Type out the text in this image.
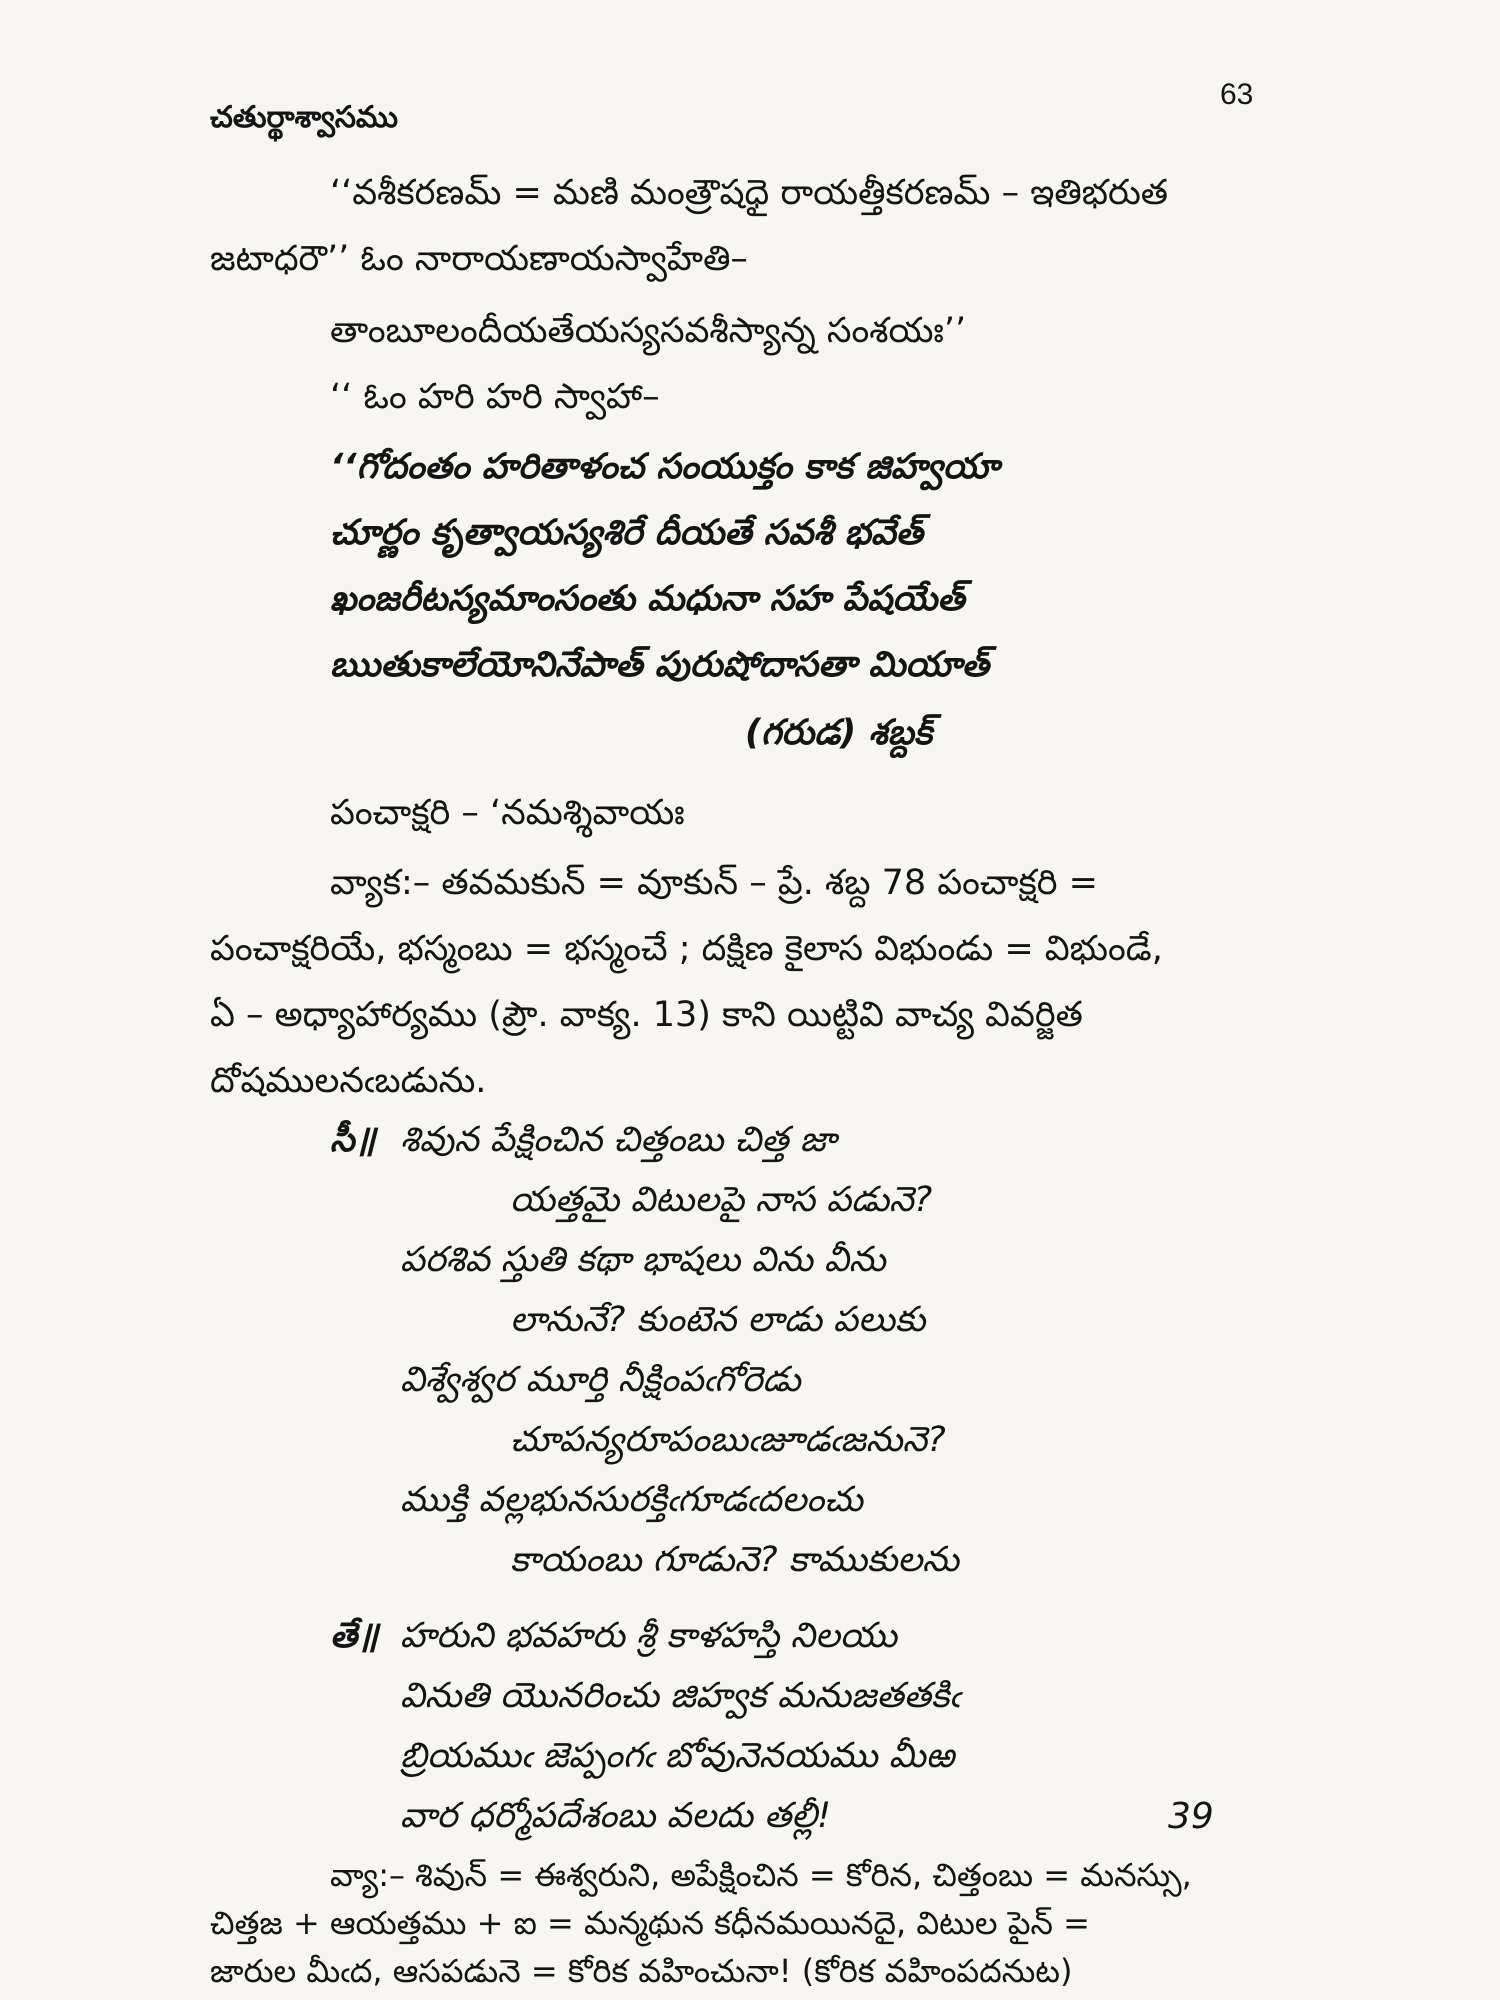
చతుర్థాశ్వాసము
63
‘‘వశీకరణమ్ = మణి మంత్రౌషధై రాయత్తీకరణమ్ – ఇతిభరుత
జటాధరౌ’’ ఓం నారాయణాయస్వాహేతి–
తాంబూలందీయతేయస్యసవశీస్యాన్న సంశయః’’
‘‘ ఓం హరి హరి స్వాహా–
‘‘గోదంతం హరితాళంచ సంయుక్తం కాక జిహ్వయా
చూర్ణం కృత్వాయస్యశిరే దీయతే సవశీ భవేత్
ఖంజరీటస్యమాంసంతు మధునా సహ పేషయేత్
ఋతుకాలేయోనినేపాత్ పురుషోదాసతా మియాత్
(గరుడ) శబ్దక్
పంచాక్షరి – ‘నమశ్శివాయః
వ్యాక:– తవమకున్ = వూకున్ – ప్రే. శబ్ద 78 పంచాక్షరి =
పంచాక్షరియే, భస్మంబు = భస్మంచే ; దక్షిణ కైలాస విభుండు = విభుండే,
ఏ – అధ్యాహార్యము (ప్రౌ. వాక్య. 13) కాని యిట్టివి వాచ్య వివర్జిత
దోషములనఁబడును.
సీ॥ శివున పేక్షించిన చిత్తంబు చిత్త జా
యత్తమై విటులపై నాస పడునె?
పరశివ స్తుతి కథా భాషలు విను వీను
లానునే? కుంటెన లాడు పలుకు
విశ్వేశ్వర మూర్తి నీక్షింపఁగోరెడు
చూపన్యరూపంబుఁజూడఁజనునె?
ముక్తి వల్లభునసురక్తిఁగూడఁదలంచు
కాయంబు గూడునె? కాముకులను
తే॥ హరుని భవహరు శ్రీ కాళహస్తి నిలయు
వినుతి యొనరించు జిహ్వక మనుజతతకిఁ
బ్రియముఁ జెప్పంగఁ బోవునెనయము మీఱ
వార ధర్మోపదేశంబు వలదు తల్లీ!	39
వ్యా:– శివున్ = ఈశ్వరుని, అపేక్షించిన = కోరిన, చిత్తంబు = మనస్సు,
చిత్తజ + ఆయత్తము + ఐ = మన్మథున కధీనమయినదై, విటుల పైన్ =
జారుల మీఁద, ఆసపడునె = కోరిక వహించునా! (కోరిక వహింపదనుట)
